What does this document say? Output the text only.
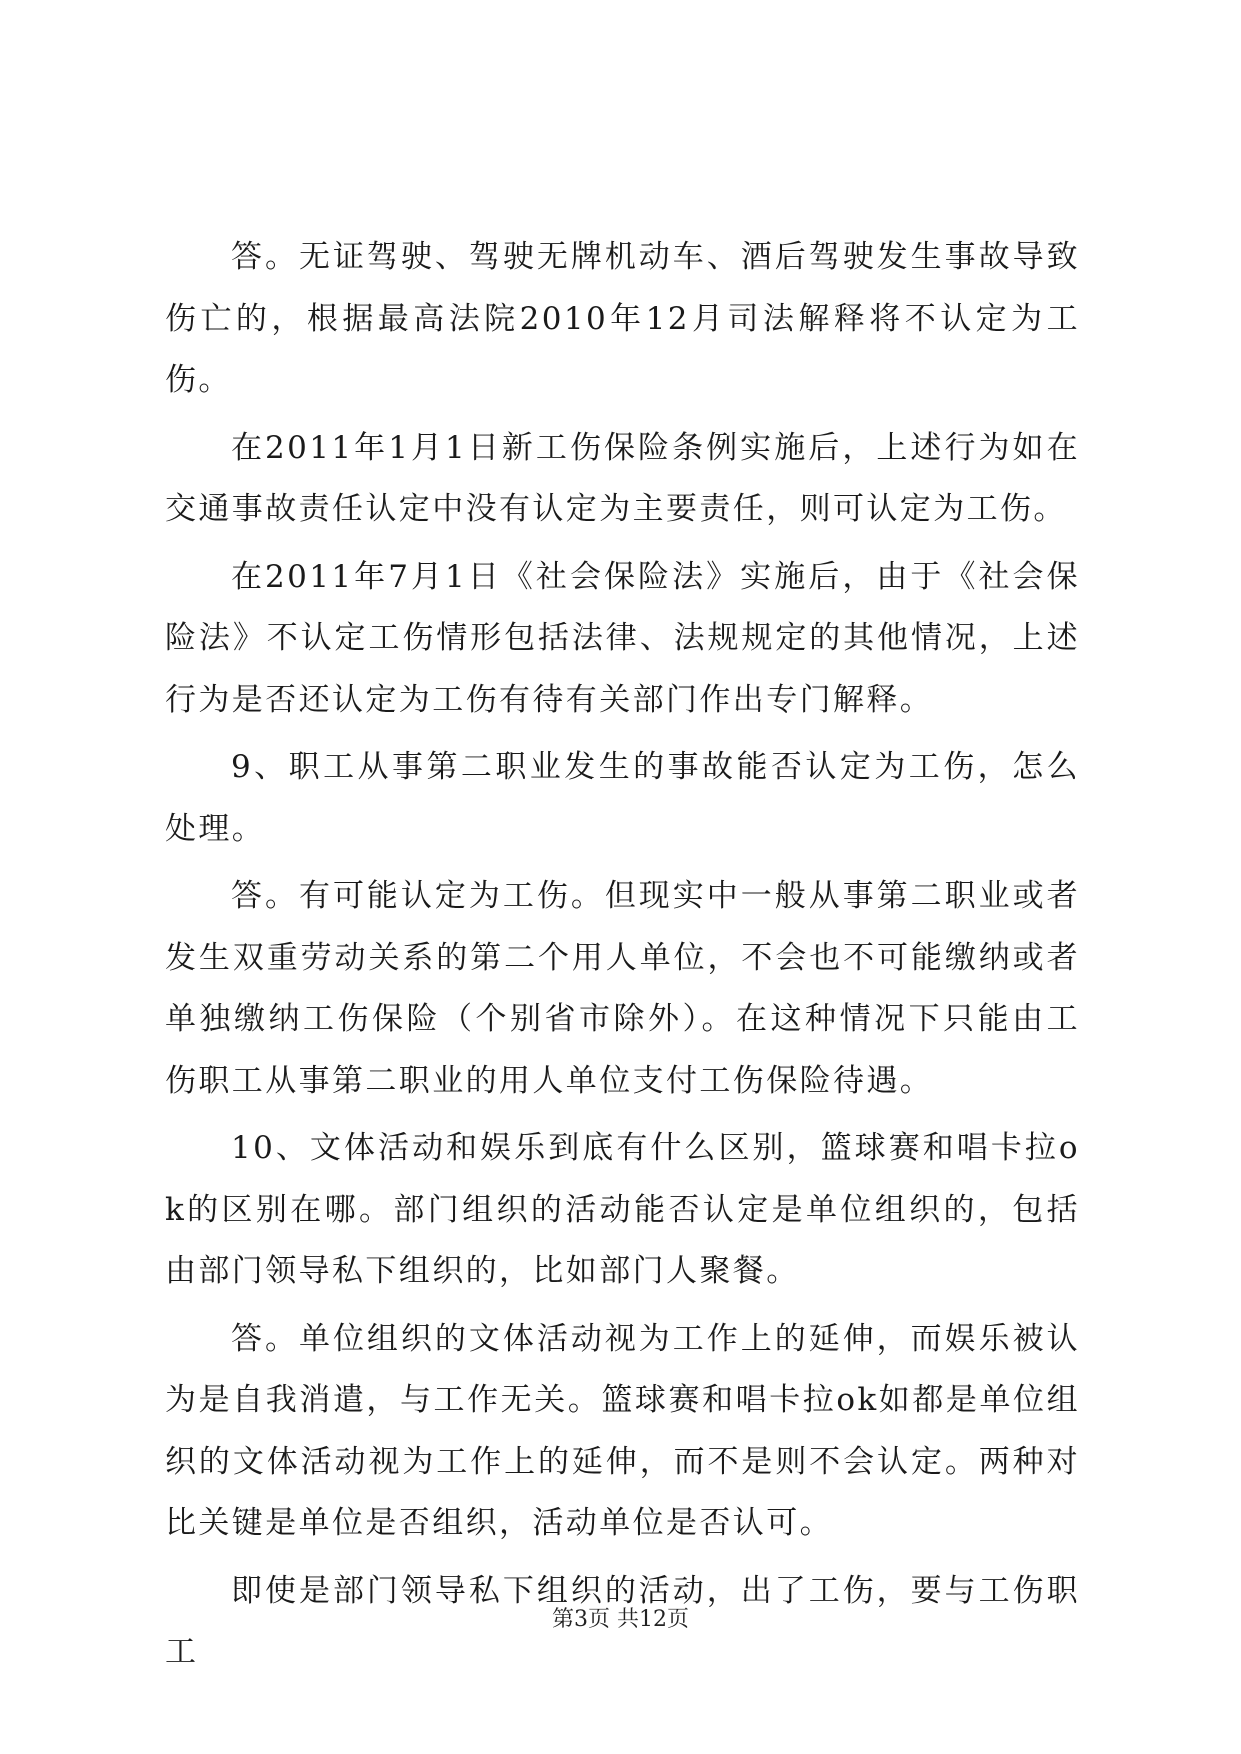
答。无证驾驶、驾驶无牌机动车、酒后驾驶发生事故导致伤亡的，根据最高法院2010年12月司法解释将不认定为工伤。

在2011年1月1日新工伤保险条例实施后，上述行为如在交通事故责任认定中没有认定为主要责任，则可认定为工伤。

在2011年7月1日《社会保险法》实施后，由于《社会保险法》不认定工伤情形包括法律、法规规定的其他情况，上述行为是否还认定为工伤有待有关部门作出专门解释。

9、职工从事第二职业发生的事故能否认定为工伤，怎么处理。

答。有可能认定为工伤。但现实中一般从事第二职业或者发生双重劳动关系的第二个用人单位，不会也不可能缴纳或者单独缴纳工伤保险（个别省市除外）。在这种情况下只能由工伤职工从事第二职业的用人单位支付工伤保险待遇。

10、文体活动和娱乐到底有什么区别，篮球赛和唱卡拉ok的区别在哪。部门组织的活动能否认定是单位组织的，包括由部门领导私下组织的，比如部门人聚餐。

答。单位组织的文体活动视为工作上的延伸，而娱乐被认为是自我消遣，与工作无关。篮球赛和唱卡拉ok如都是单位组织的文体活动视为工作上的延伸，而不是则不会认定。两种对比关键是单位是否组织，活动单位是否认可。

即使是部门领导私下组织的活动，出了工伤，要与工伤职工

第3页 共12页
